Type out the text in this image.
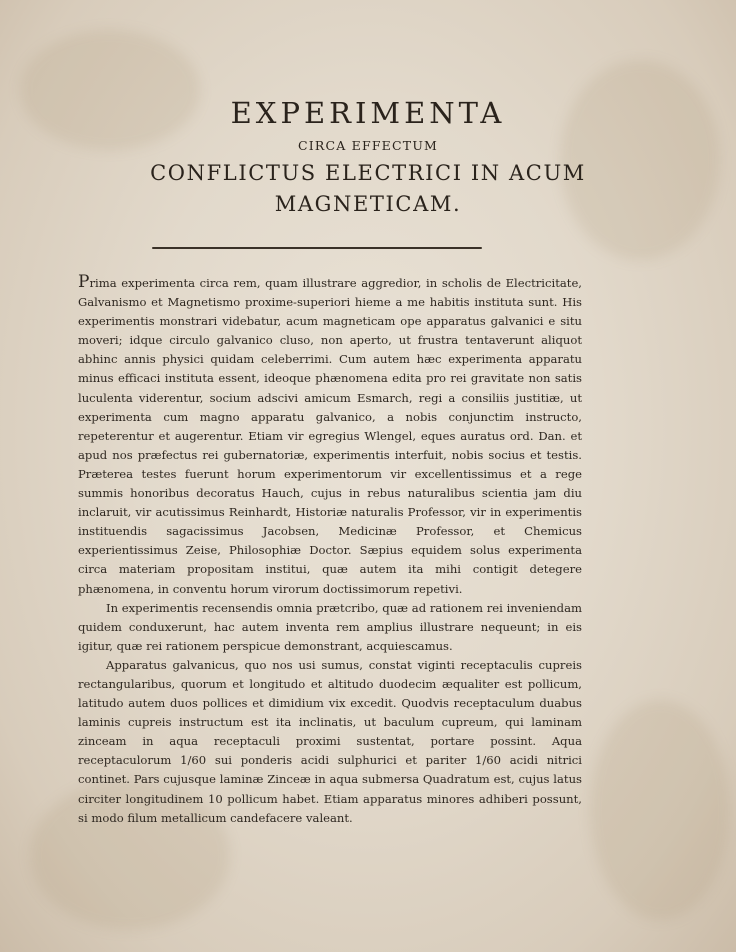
EXPERIMENTA
CIRCA EFFECTUM
CONFLICTUS ELECTRICI IN ACUM
MAGNETICAM.

Prima experimenta circa rem, quam illustrare aggredior, in scholis de Electricitate, Galvanismo et Magnetismo proxime-superiori hieme a me habitis instituta sunt. His experimentis monstrari videbatur, acum magneticam ope apparatus galvanici e situ moveri; idque circulo galvanico cluso, non aperto, ut frustra tentaverunt aliquot abhinc annis physici quidam celeberrimi. Cum autem hæc experimenta apparatu minus efficaci instituta essent, ideoque phænomena edita pro rei gravitate non satis luculenta viderentur, socium adscivi amicum Esmarch, regi a consiliis justitiæ, ut experimenta cum magno apparatu galvanico, a nobis conjunctim instructo, repeterentur et augerentur. Etiam vir egregius Wlengel, eques auratus ord. Dan. et apud nos præfectus rei gubernatoriæ, experimentis interfuit, nobis socius et testis. Præterea testes fuerunt horum experimentorum vir excellentissimus et a rege summis honoribus decoratus Hauch, cujus in rebus naturalibus scientia jam diu inclaruit, vir acutissimus Reinhardt, Historiæ naturalis Professor, vir in experimentis instituendis sagacissimus Jacobsen, Medicinæ Professor, et Chemicus experientissimus Zeise, Philosophiæ Doctor. Sæpius equidem solus experimenta circa materiam propositam institui, quæ autem ita mihi contigit detegere phænomena, in conventu horum virorum doctissimorum repetivi.

In experimentis recensendis omnia prætcribo, quæ ad rationem rei inveniendam quidem conduxerunt, hac autem inventa rem amplius illustrare nequeunt; in eis igitur, quæ rei rationem perspicue demonstrant, acquiescamus.

Apparatus galvanicus, quo nos usi sumus, constat viginti receptaculis cupreis rectangularibus, quorum et longitudo et altitudo duodecim æqualiter est pollicum, latitudo autem duos pollices et dimidium vix excedit. Quodvis receptaculum duabus laminis cupreis instructum est ita inclinatis, ut baculum cupreum, qui laminam zinceam in aqua receptaculi proximi sustentat, portare possint. Aqua receptaculorum 1/60 sui ponderis acidi sulphurici et pariter 1/60 acidi nitrici continet. Pars cujusque laminæ Zinceæ in aqua submersa Quadratum est, cujus latus circiter longitudinem 10 pollicum habet. Etiam apparatus minores adhiberi possunt, si modo filum metallicum candefacere valeant.
